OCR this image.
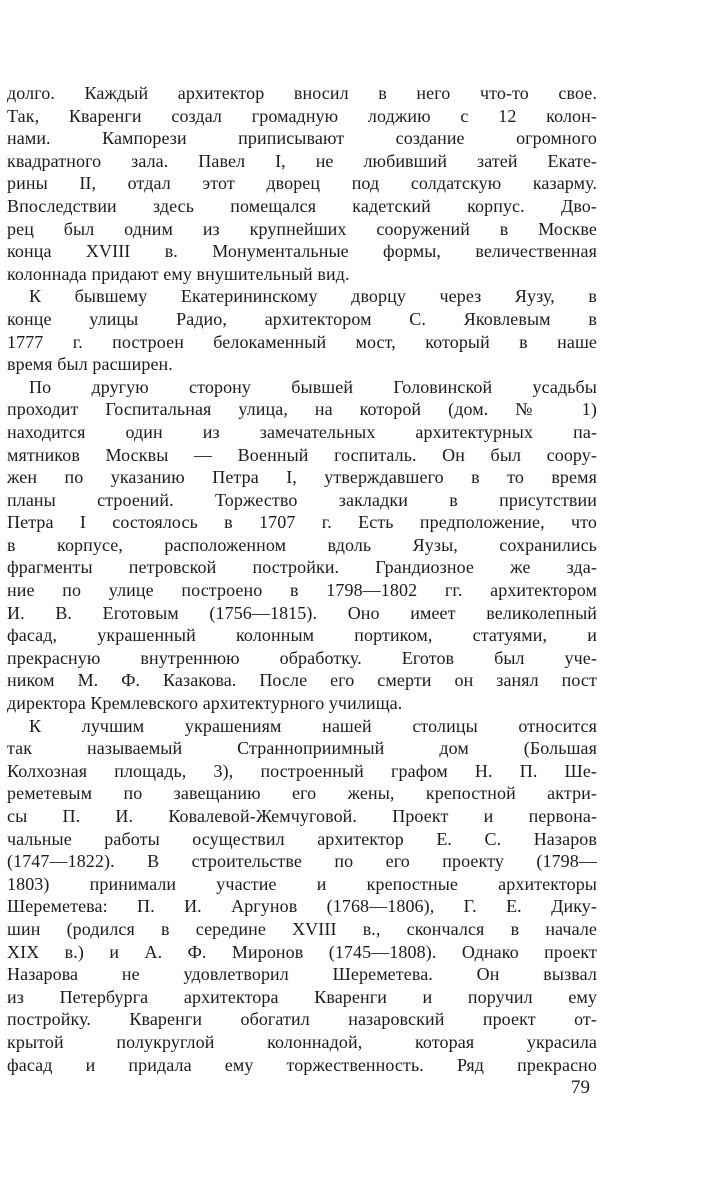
долго. Каждый архитектор вносил в него что-то свое.
Так, Кваренги создал громадную лоджию с 12 колон-
нами. Кампорези приписывают создание огромного
квадратного зала. Павел I, не любивший затей Екате-
рины II, отдал этот дворец под солдатскую казарму.
Впоследствии здесь помещался кадетский корпус. Дво-
рец был одним из крупнейших сооружений в Москве
конца XVIII в. Монументальные формы, величественная
колоннада придают ему внушительный вид.
К бывшему Екатерининскому дворцу через Яузу, в
конце улицы Радио, архитектором С. Яковлевым в
1777 г. построен белокаменный мост, который в наше
время был расширен.
По другую сторону бывшей Головинской усадьбы
проходит Госпитальная улица, на которой (дом. № 1)
находится один из замечательных архитектурных па-
мятников Москвы — Военный госпиталь. Он был соору-
жен по указанию Петра I, утверждавшего в то время
планы строений. Торжество закладки в присутствии
Петра I состоялось в 1707 г. Есть предположение, что
в корпусе, расположенном вдоль Яузы, сохранились
фрагменты петровской постройки. Грандиозное же зда-
ние по улице построено в 1798—1802 гг. архитектором
И. В. Еготовым (1756—1815). Оно имеет великолепный
фасад, украшенный колонным портиком, статуями, и
прекрасную внутреннюю обработку. Еготов был уче-
ником М. Ф. Казакова. После его смерти он занял пост
директора Кремлевского архитектурного училища.
К лучшим украшениям нашей столицы относится
так называемый Странноприимный дом (Большая
Колхозная площадь, 3), построенный графом Н. П. Ше-
реметевым по завещанию его жены, крепостной актри-
сы П. И. Ковалевой-Жемчуговой. Проект и первона-
чальные работы осуществил архитектор Е. С. Назаров
(1747—1822). В строительстве по его проекту (1798—
1803) принимали участие и крепостные архитекторы
Шереметева: П. И. Аргунов (1768—1806), Г. Е. Дику-
шин (родился в середине XVIII в., скончался в начале
XIX в.) и А. Ф. Миронов (1745—1808). Однако проект
Назарова не удовлетворил Шереметева. Он вызвал
из Петербурга архитектора Кваренги и поручил ему
постройку. Кваренги обогатил назаровский проект от-
крытой полукруглой колоннадой, которая украсила
фасад и придала ему торжественность. Ряд прекрасно
79
